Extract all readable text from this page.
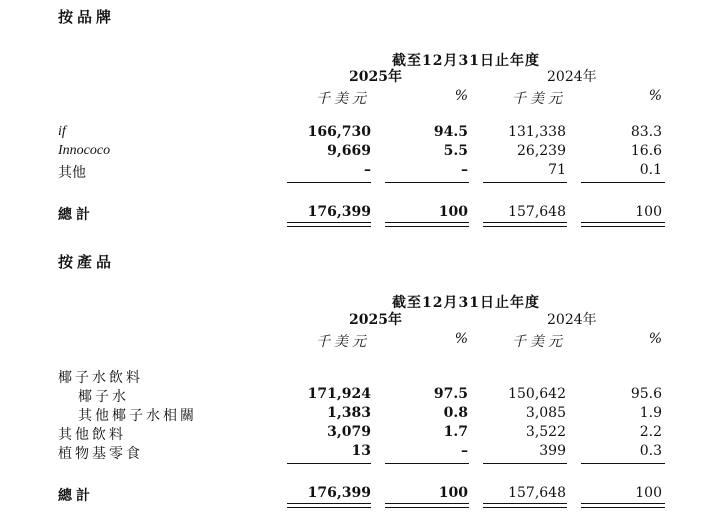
按品牌
截至12月31日止年度
2025年	2024年
千美元	%	千美元	%
if	166,730	94.5	131,338	83.3
Innococo	9,669	5.5	26,239	16.6
其他	–	–	71	0.1
總計	176,399	100	157,648	100
按產品
截至12月31日止年度
2025年	2024年
千美元	%	千美元	%
椰子水飲料
椰子水	171,924	97.5	150,642	95.6
其他椰子水相關	1,383	0.8	3,085	1.9
其他飲料	3,079	1.7	3,522	2.2
植物基零食	13	–	399	0.3
總計	176,399	100	157,648	100
